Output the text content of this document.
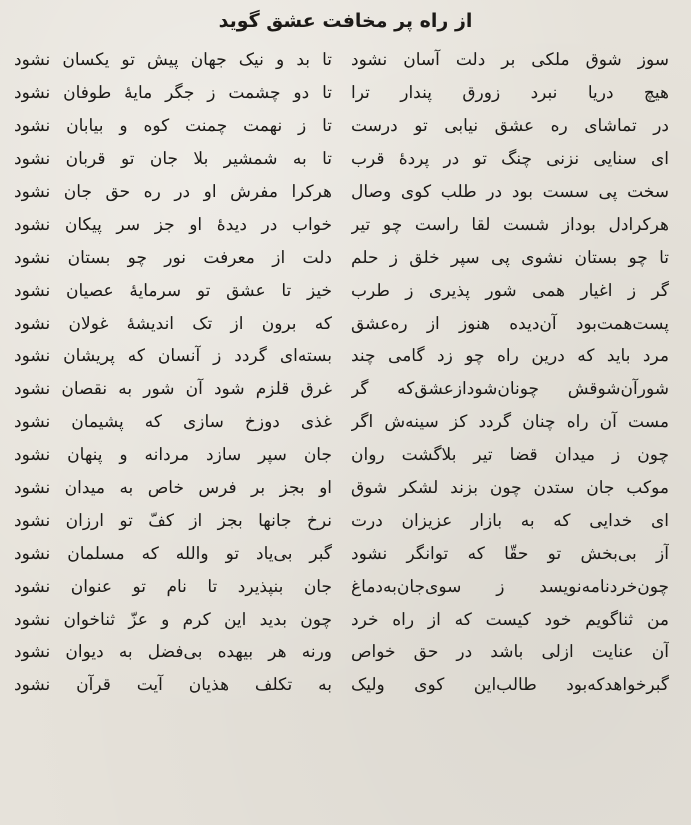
از راه پر مخافت عشق گوید
سوز شوق ملکی بر دلت آسان نشود
تا بد و نیک جهان پیش تو یکسان نشود
هیچ دریا نبرد زورق پندار ترا
تا دو چشمت ز جگر مایهٔ طوفان نشود
در تماشای ره عشق نیابی تو درست
تا ز نهمت چمنت کوه و بیابان نشود
ای سنایی نزنی چنگ تو در پردهٔ قرب
تا به شمشیر بلا جان تو قربان نشود
سخت پی سست بود در طلب کوی وصال
هرکرا مفرش او در ره حق جان نشود
هرکرادل بوداز شست لقا راست چو تیر
خواب در دیدهٔ او جز سر پیکان نشود
تا چو بستان نشوی پی سپر خلق ز حلم
دلت از معرفت نور چو بستان نشود
گر ز اغیار همی شور پذیری ز طرب
خیز تا عشق تو سرمایهٔ عصیان نشود
پست‌همت‌بود آن‌دیده هنوز از ره‌عشق
که برون از تک اندیشهٔ غولان نشود
مرد باید که درین راه چو زد گامی چند
بسته‌ای گردد ز آنسان که پریشان نشود
شورآن‌شوقش چونان‌شودازعشق‌که گر
غرق قلزم شود آن شور به نقصان نشود
مست آن راه چنان گردد کز سینه‌ش اگر
غذی دوزخ سازی که پشیمان نشود
چون ز میدان قضا تیر بلاگشت روان
جان سپر سازد مردانه و پنهان نشود
موکب جان ستدن چون بزند لشکر شوق
او بجز بر فرس خاص به میدان نشود
ای خدایی که به بازار عزیزان درت
نرخ جانها بجز از کفّ تو ارزان نشود
آز بی‌بخش تو حقّا که توانگر نشود
گبر بی‌یاد تو والله که مسلمان نشود
چون‌خردنامه‌نویسد ز سوی‌جان‌به‌دماغ
جان بنپذیرد تا نام تو عنوان نشود
من ثناگویم خود کیست که از راه خرد
چون بدید این کرم و عزّ ثناخوان نشود
آن عنایت ازلی باشد در حق خواص
ورنه هر بیهده بی‌فضل به دیوان نشود
گبرخواهدکه‌بود طالب‌این کوی ولیک
به تکلف هذیان آیت قرآن نشود
